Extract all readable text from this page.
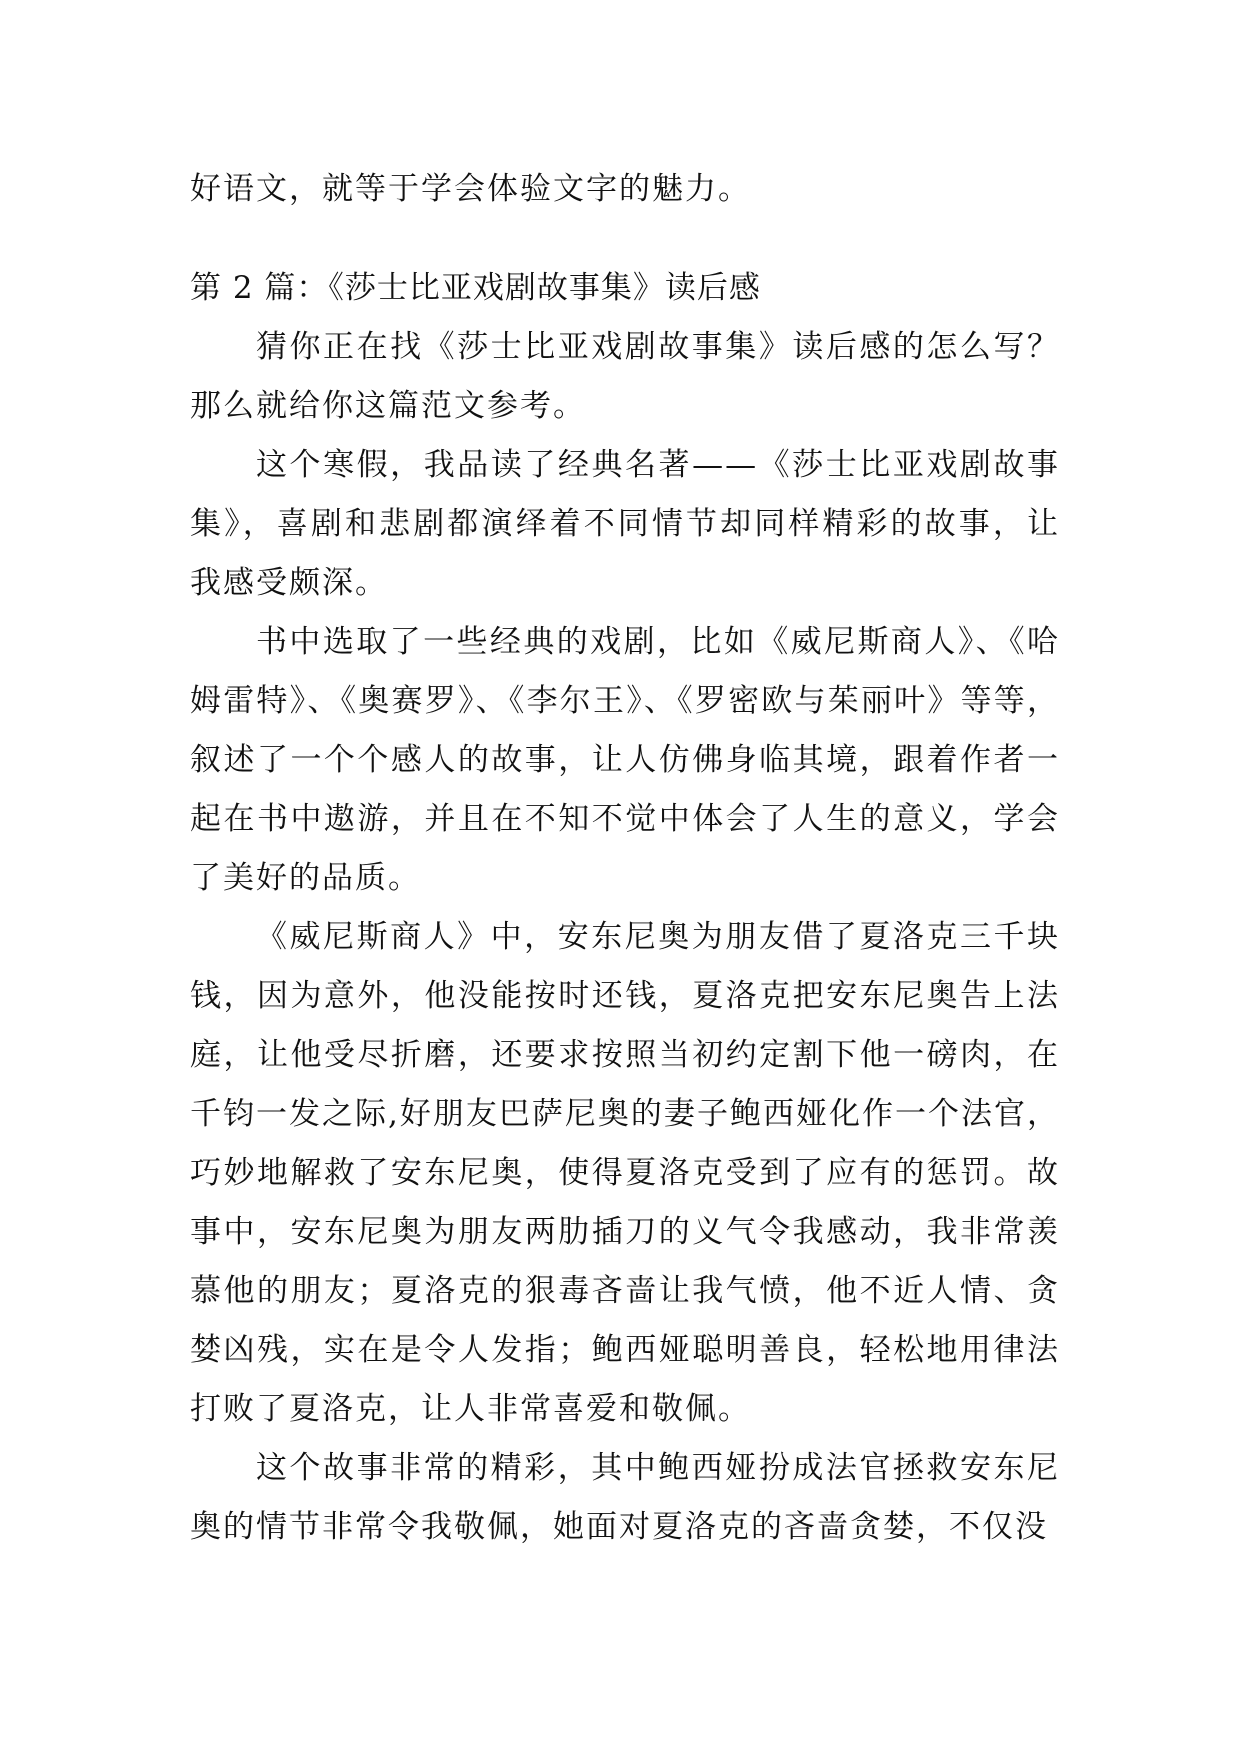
好语文，就等于学会体验文字的魅力。

第 2 篇：《莎士比亚戏剧故事集》读后感

猜你正在找《莎士比亚戏剧故事集》读后感的怎么写？那么就给你这篇范文参考。

这个寒假，我品读了经典名著——《莎士比亚戏剧故事集》，喜剧和悲剧都演绎着不同情节却同样精彩的故事，让我感受颇深。

书中选取了一些经典的戏剧，比如《威尼斯商人》、《哈姆雷特》、《奥赛罗》、《李尔王》、《罗密欧与茱丽叶》等等，叙述了一个个感人的故事，让人仿佛身临其境，跟着作者一起在书中遨游，并且在不知不觉中体会了人生的意义，学会了美好的品质。

《威尼斯商人》中，安东尼奥为朋友借了夏洛克三千块钱，因为意外，他没能按时还钱，夏洛克把安东尼奥告上法庭，让他受尽折磨，还要求按照当初约定割下他一磅肉，在千钧一发之际,好朋友巴萨尼奥的妻子鲍西娅化作一个法官，巧妙地解救了安东尼奥，使得夏洛克受到了应有的惩罚。故事中，安东尼奥为朋友两肋插刀的义气令我感动，我非常羡慕他的朋友；夏洛克的狠毒吝啬让我气愤，他不近人情、贪婪凶残，实在是令人发指；鲍西娅聪明善良，轻松地用律法打败了夏洛克，让人非常喜爱和敬佩。

这个故事非常的精彩，其中鲍西娅扮成法官拯救安东尼奥的情节非常令我敬佩，她面对夏洛克的吝啬贪婪，不仅没
